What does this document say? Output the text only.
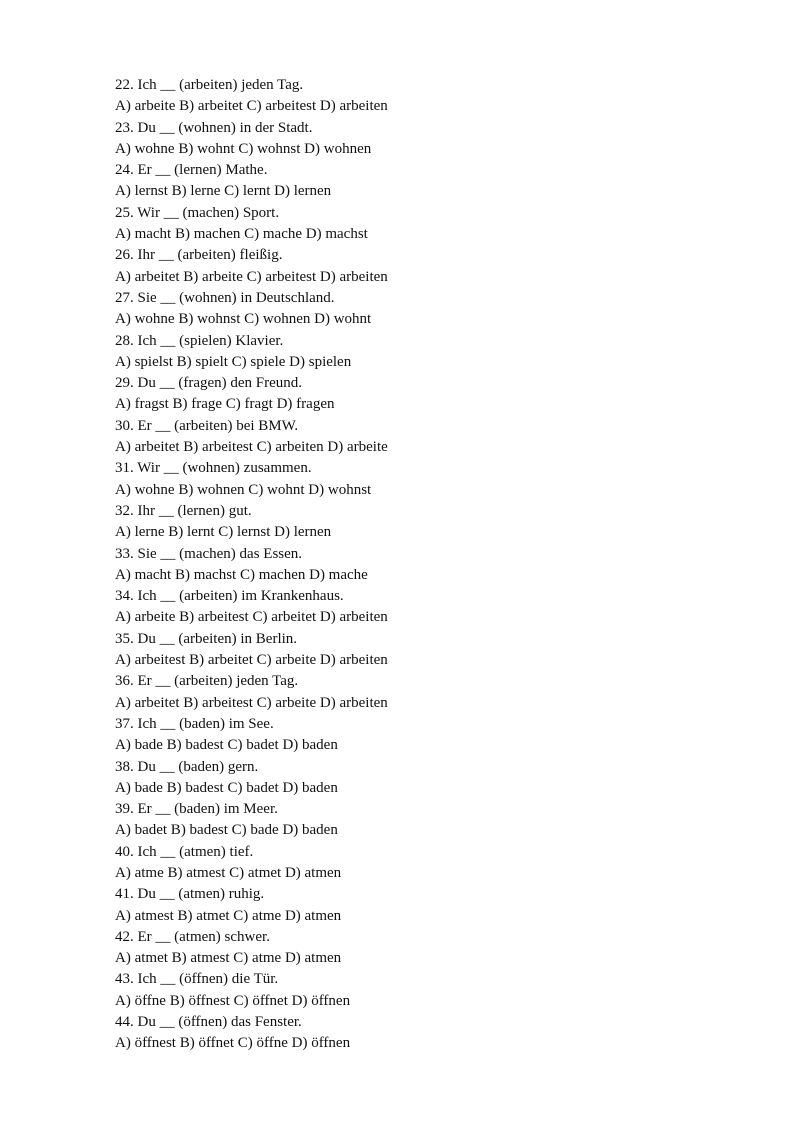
22. Ich __ (arbeiten) jeden Tag.
A) arbeite B) arbeitet C) arbeitest D) arbeiten
23. Du __ (wohnen) in der Stadt.
A) wohne B) wohnt C) wohnst D) wohnen
24. Er __ (lernen) Mathe.
A) lernst B) lerne C) lernt D) lernen
25. Wir __ (machen) Sport.
A) macht B) machen C) mache D) machst
26. Ihr __ (arbeiten) fleißig.
A) arbeitet B) arbeite C) arbeitest D) arbeiten
27. Sie __ (wohnen) in Deutschland.
A) wohne B) wohnst C) wohnen D) wohnt
28. Ich __ (spielen) Klavier.
A) spielst B) spielt C) spiele D) spielen
29. Du __ (fragen) den Freund.
A) fragst B) frage C) fragt D) fragen
30. Er __ (arbeiten) bei BMW.
A) arbeitet B) arbeitest C) arbeiten D) arbeite
31. Wir __ (wohnen) zusammen.
A) wohne B) wohnen C) wohnt D) wohnst
32. Ihr __ (lernen) gut.
A) lerne B) lernt C) lernst D) lernen
33. Sie __ (machen) das Essen.
A) macht B) machst C) machen D) mache
34. Ich __ (arbeiten) im Krankenhaus.
A) arbeite B) arbeitest C) arbeitet D) arbeiten
35. Du __ (arbeiten) in Berlin.
A) arbeitest B) arbeitet C) arbeite D) arbeiten
36. Er __ (arbeiten) jeden Tag.
A) arbeitet B) arbeitest C) arbeite D) arbeiten
37. Ich __ (baden) im See.
A) bade B) badest C) badet D) baden
38. Du __ (baden) gern.
A) bade B) badest C) badet D) baden
39. Er __ (baden) im Meer.
A) badet B) badest C) bade D) baden
40. Ich __ (atmen) tief.
A) atme B) atmest C) atmet D) atmen
41. Du __ (atmen) ruhig.
A) atmest B) atmet C) atme D) atmen
42. Er __ (atmen) schwer.
A) atmet B) atmest C) atme D) atmen
43. Ich __ (öffnen) die Tür.
A) öffne B) öffnest C) öffnet D) öffnen
44. Du __ (öffnen) das Fenster.
A) öffnest B) öffnet C) öffne D) öffnen
